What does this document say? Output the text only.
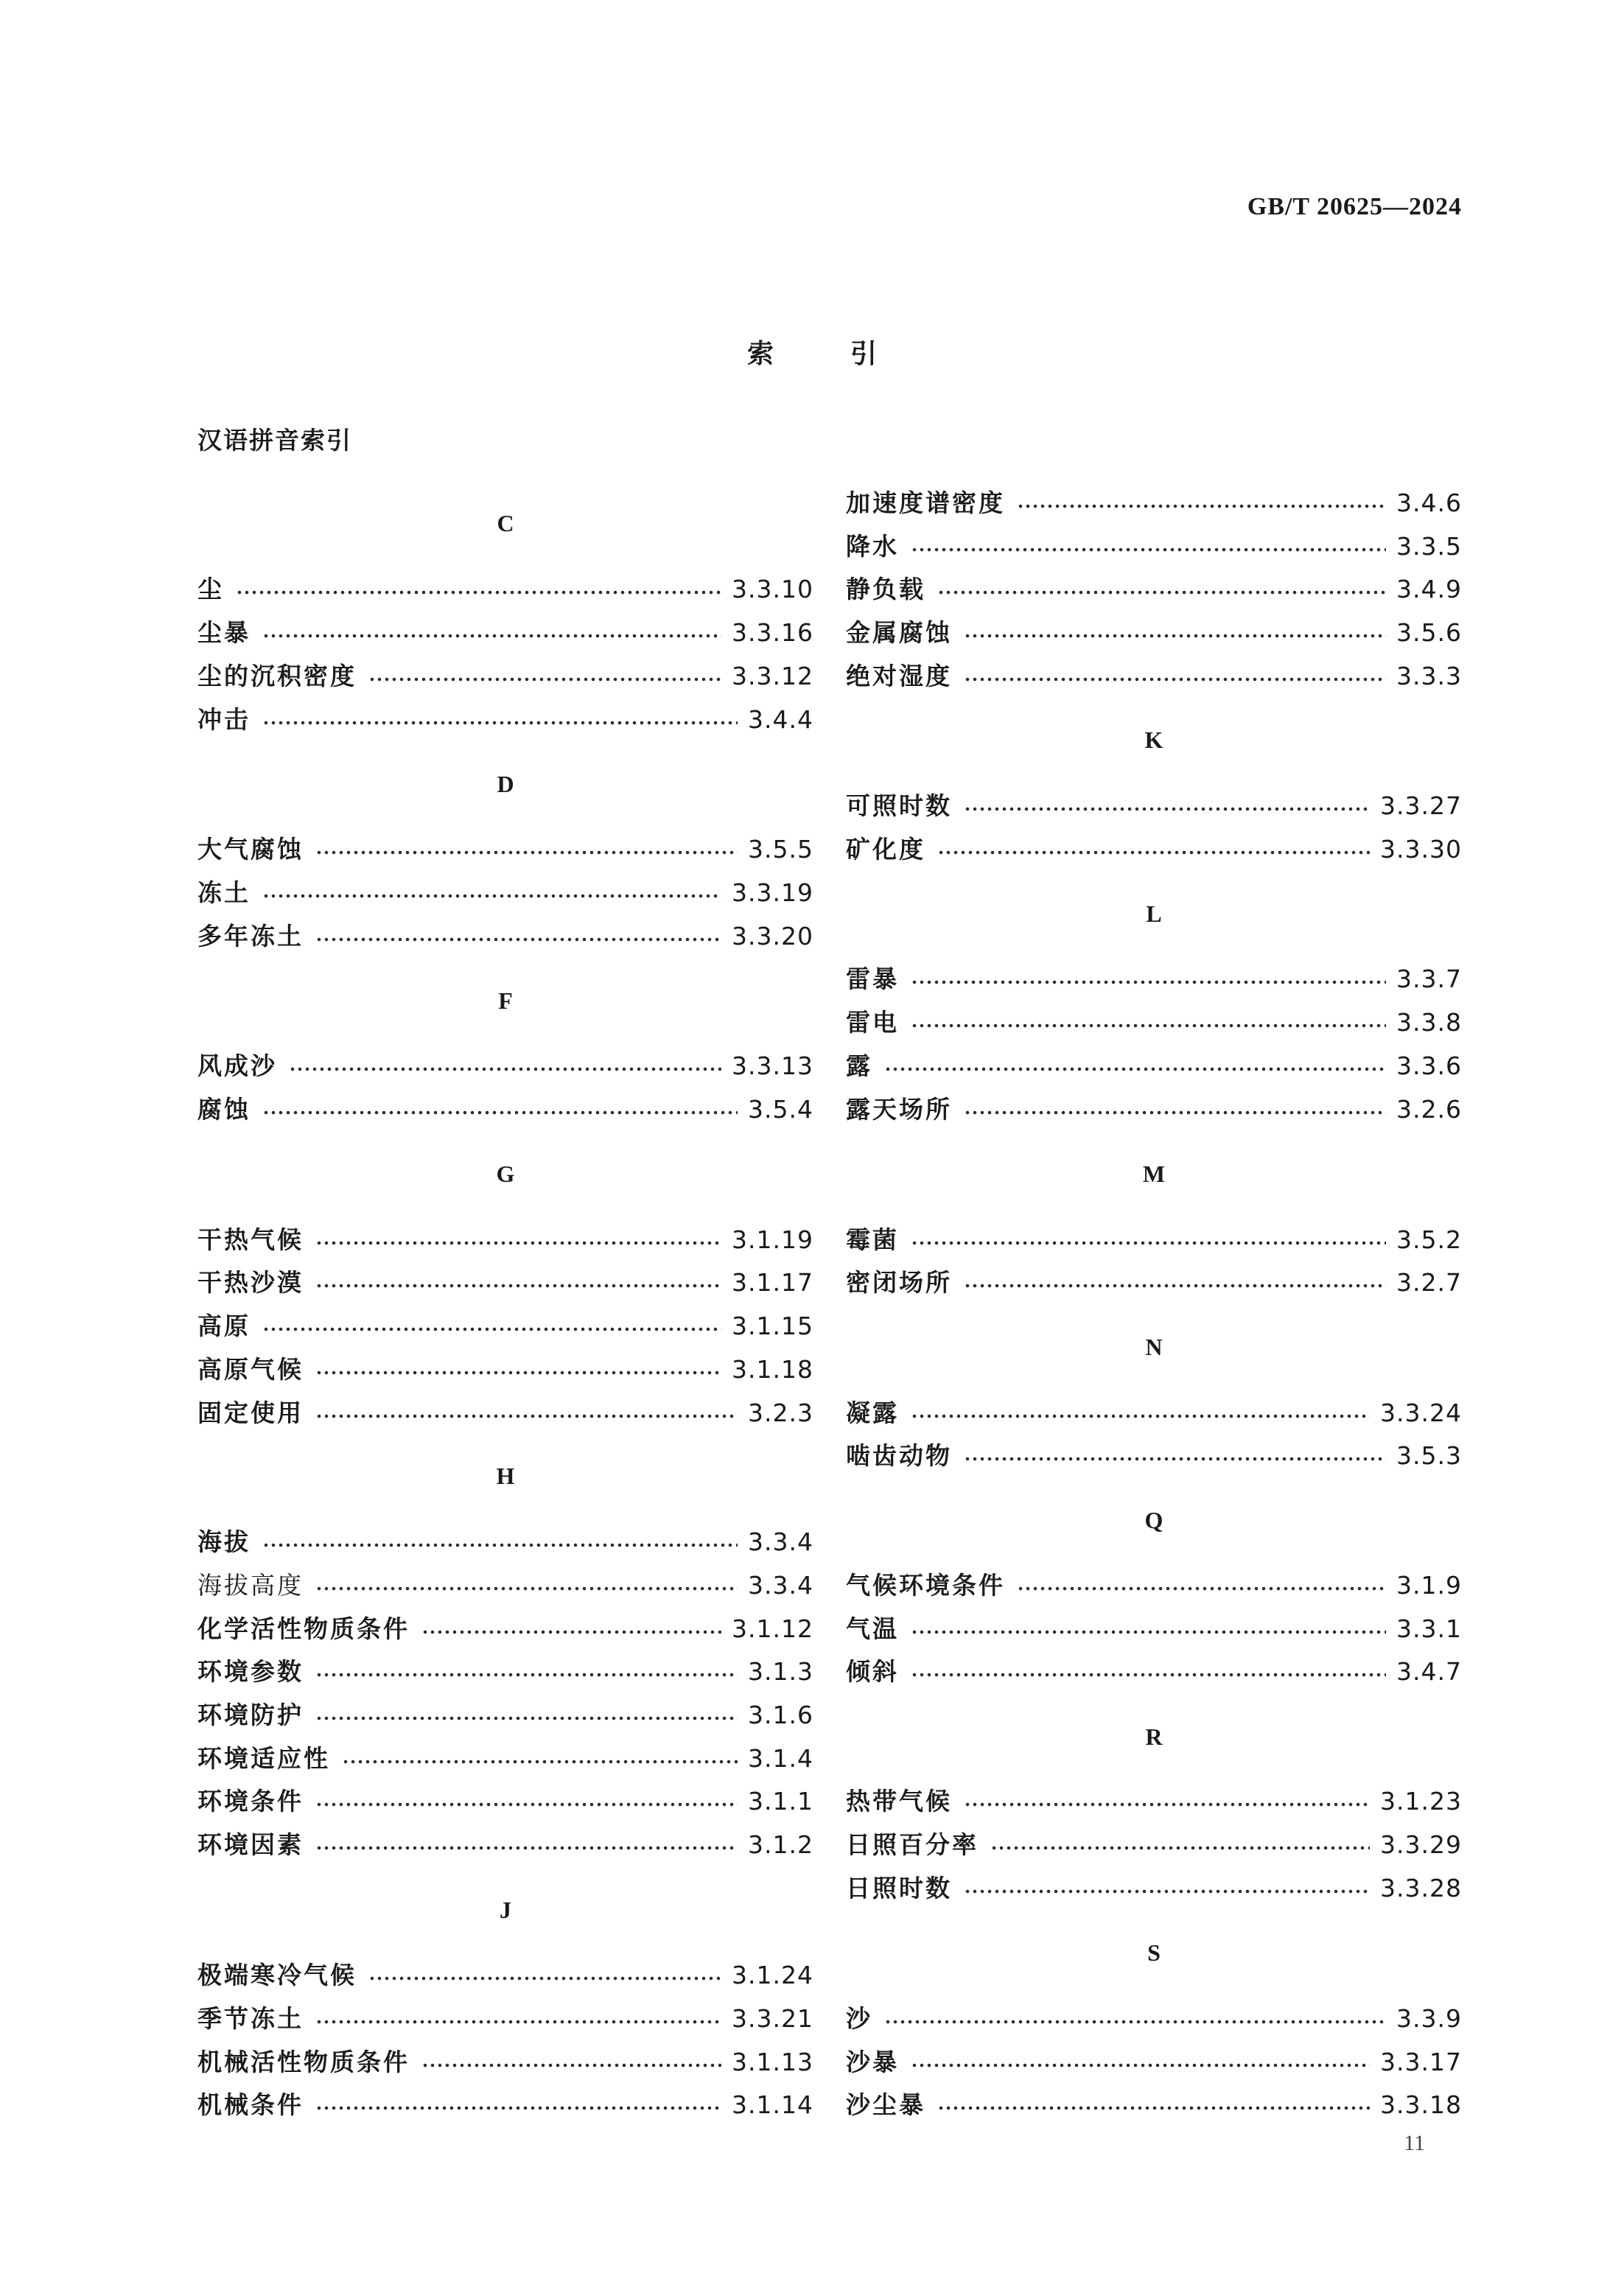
GB/T 20625—2024
索	引
汉语拼音索引
C
尘	3.3.10
尘暴	3.3.16
尘的沉积密度	3.3.12
冲击	3.4.4
D
大气腐蚀	3.5.5
冻土	3.3.19
多年冻土	3.3.20
F
风成沙	3.3.13
腐蚀	3.5.4
G
干热气候	3.1.19
干热沙漠	3.1.17
高原	3.1.15
高原气候	3.1.18
固定使用	3.2.3
H
海拔	3.3.4
海拔高度	3.3.4
化学活性物质条件	3.1.12
环境参数	3.1.3
环境防护	3.1.6
环境适应性	3.1.4
环境条件	3.1.1
环境因素	3.1.2
J
极端寒冷气候	3.1.24
季节冻土	3.3.21
机械活性物质条件	3.1.13
机械条件	3.1.14
加速度谱密度	3.4.6
降水	3.3.5
静负载	3.4.9
金属腐蚀	3.5.6
绝对湿度	3.3.3
K
可照时数	3.3.27
矿化度	3.3.30
L
雷暴	3.3.7
雷电	3.3.8
露	3.3.6
露天场所	3.2.6
M
霉菌	3.5.2
密闭场所	3.2.7
N
凝露	3.3.24
啮齿动物	3.5.3
Q
气候环境条件	3.1.9
气温	3.3.1
倾斜	3.4.7
R
热带气候	3.1.23
日照百分率	3.3.29
日照时数	3.3.28
S
沙	3.3.9
沙暴	3.3.17
沙尘暴	3.3.18
11
